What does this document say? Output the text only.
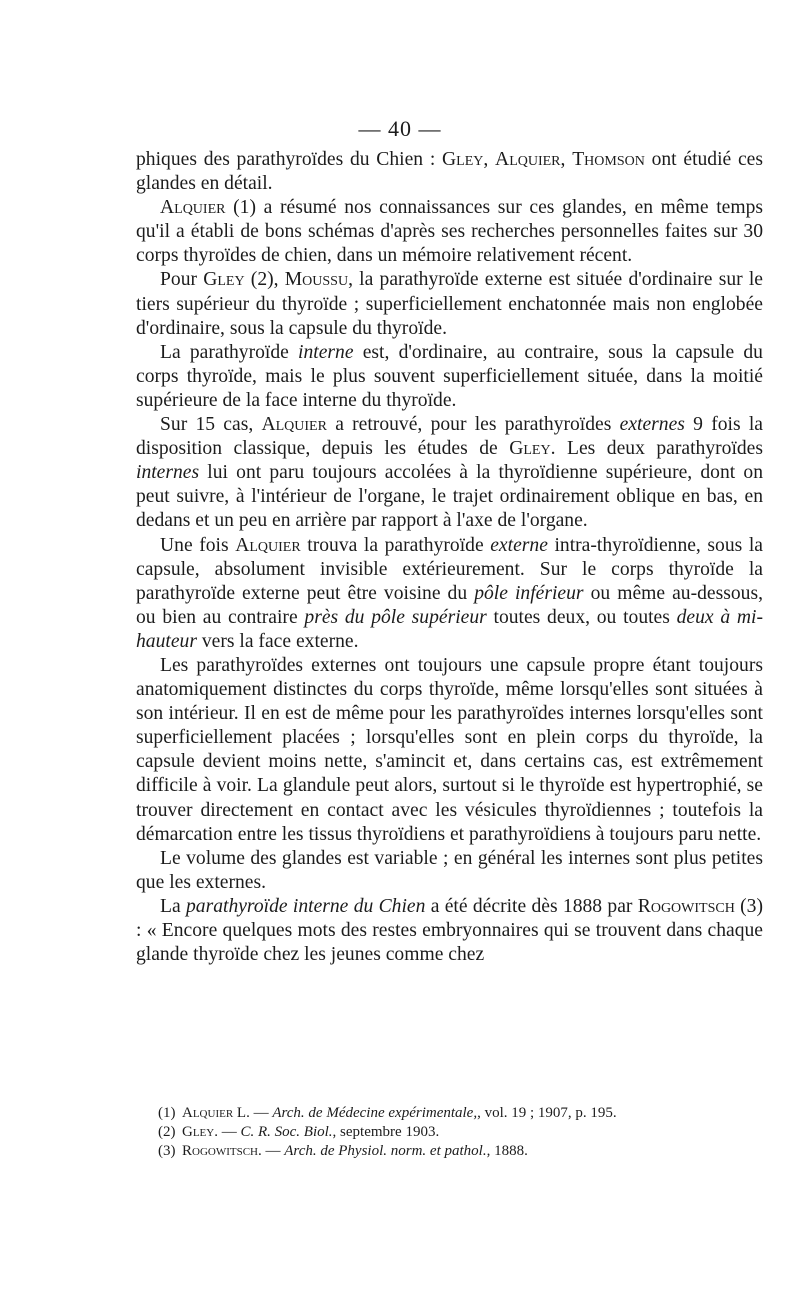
— 40 —

phiques des parathyroïdes du Chien : Gley, Alquier, Thomson ont étudié ces glandes en détail.

Alquier (1) a résumé nos connaissances sur ces glandes, en même temps qu'il a établi de bons schémas d'après ses recherches personnelles faites sur 30 corps thyroïdes de chien, dans un mémoire relativement récent.

Pour Gley (2), Moussu, la parathyroïde externe est située d'ordinaire sur le tiers supérieur du thyroïde ; superficiellement enchatonnée mais non englobée d'ordinaire, sous la capsule du thyroïde.

La parathyroïde interne est, d'ordinaire, au contraire, sous la capsule du corps thyroïde, mais le plus souvent superficiellement située, dans la moitié supérieure de la face interne du thyroïde.

Sur 15 cas, Alquier a retrouvé, pour les parathyroïdes externes 9 fois la disposition classique, depuis les études de Gley. Les deux parathyroïdes internes lui ont paru toujours accolées à la thyroïdienne supérieure, dont on peut suivre, à l'intérieur de l'organe, le trajet ordinairement oblique en bas, en dedans et un peu en arrière par rapport à l'axe de l'organe.

Une fois Alquier trouva la parathyroïde externe intra-thyroïdienne, sous la capsule, absolument invisible extérieurement. Sur le corps thyroïde la parathyroïde externe peut être voisine du pôle inférieur ou même au-dessous, ou bien au contraire près du pôle supérieur toutes deux, ou toutes deux à mi-hauteur vers la face externe.

Les parathyroïdes externes ont toujours une capsule propre étant toujours anatomiquement distinctes du corps thyroïde, même lorsqu'elles sont situées à son intérieur. Il en est de même pour les parathyroïdes internes lorsqu'elles sont superficiellement placées ; lorsqu'elles sont en plein corps du thyroïde, la capsule devient moins nette, s'amincit et, dans certains cas, est extrêmement difficile à voir. La glandule peut alors, surtout si le thyroïde est hypertrophié, se trouver directement en contact avec les vésicules thyroïdiennes ; toutefois la démarcation entre les tissus thyroïdiens et parathyroïdiens à toujours paru nette.

Le volume des glandes est variable ; en général les internes sont plus petites que les externes.

La parathyroïde interne du Chien a été décrite dès 1888 par Rogowitsch (3) : « Encore quelques mots des restes embryonnaires qui se trouvent dans chaque glande thyroïde chez les jeunes comme chez

(1) Alquier L. — Arch. de Médecine expérimentale,, vol. 19 ; 1907, p. 195.
(2) Gley. — C. R. Soc. Biol., septembre 1903.
(3) Rogowitsch. — Arch. de Physiol. norm. et pathol., 1888.
